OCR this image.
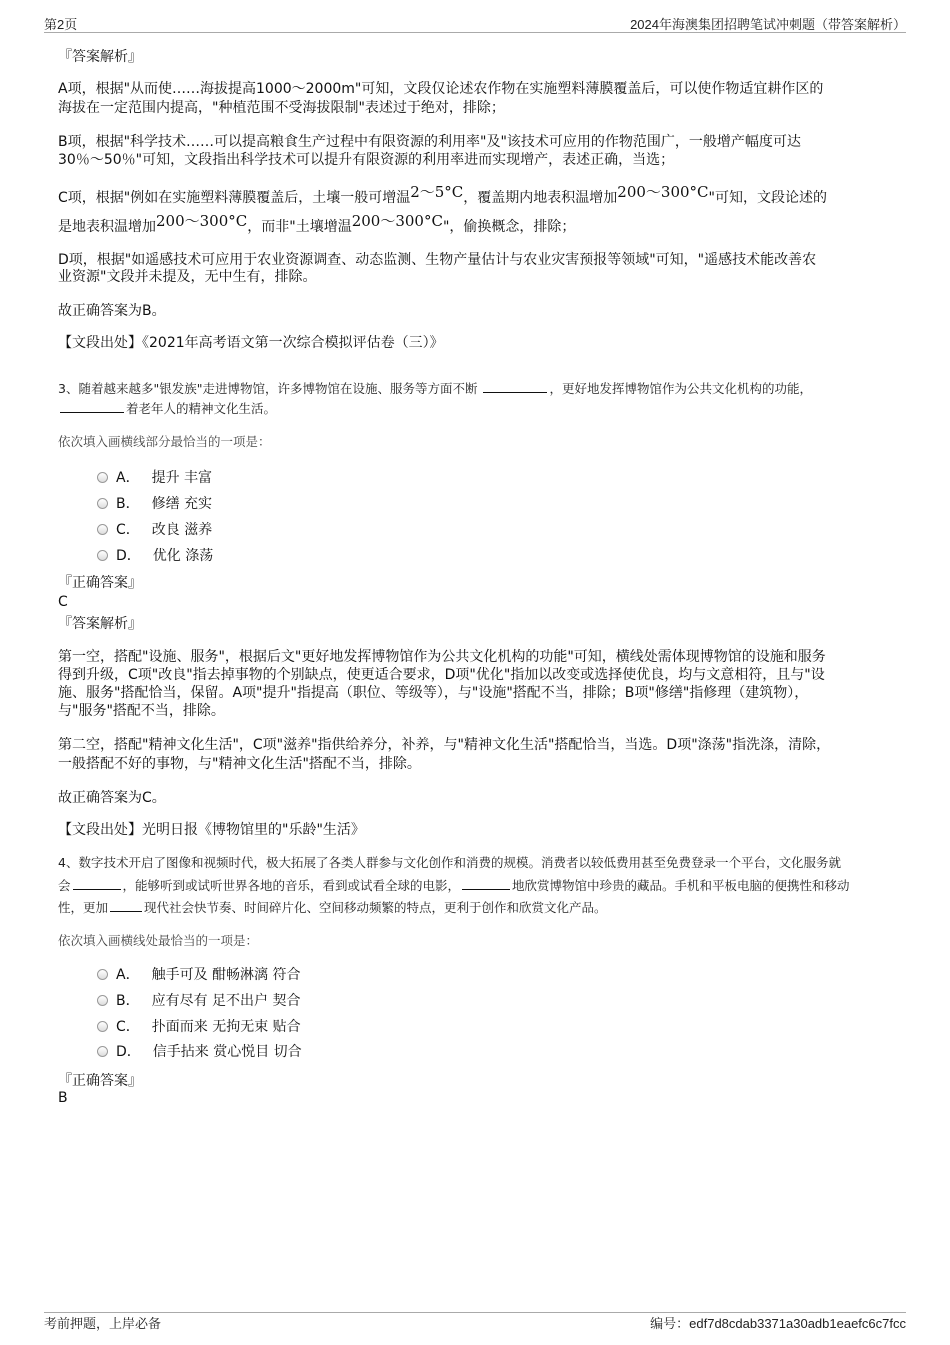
第2页	2024年海澳集团招聘笔试冲刺题（带答案解析）
『答案解析』
A项，根据"从而使……海拔提高1000～2000m"可知，文段仅论述农作物在实施塑料薄膜覆盖后，可以使作物适宜耕作区的
海拔在一定范围内提高，"种植范围不受海拔限制"表述过于绝对，排除；
B项，根据"科学技术……可以提高粮食生产过程中有限资源的利用率"及"该技术可应用的作物范围广，一般增产幅度可达
30％～50％"可知，文段指出科学技术可以提升有限资源的利用率进而实现增产，表述正确，当选；
C项，根据"例如在实施塑料薄膜覆盖后，土壤一般可增温2～5°C，覆盖期内地表积温增加200～300°C"可知，文段论述的
是地表积温增加200～300°C，而非"土壤增温200～300°C"，偷换概念，排除；
D项，根据"如遥感技术可应用于农业资源调查、动态监测、生物产量估计与农业灾害预报等领域"可知，"遥感技术能改善农
业资源"文段并未提及，无中生有，排除。
故正确答案为B。
【文段出处】《2021年高考语文第一次综合模拟评估卷（三）》
3、随着越来越多"银发族"走进博物馆，许多博物馆在设施、服务等方面不断	，更好地发挥博物馆作为公共文化机构的功能，
着老年人的精神文化生活。
依次填入画横线部分最恰当的一项是：
A． 提升 丰富
B． 修缮 充实
C． 改良 滋养
D． 优化 涤荡
『正确答案』
C
『答案解析』
第一空，搭配"设施、服务"，根据后文"更好地发挥博物馆作为公共文化机构的功能"可知，横线处需体现博物馆的设施和服务
得到升级，C项"改良"指去掉事物的个别缺点，使更适合要求，D项"优化"指加以改变或选择使优良，均与文意相符，且与"设
施、服务"搭配恰当，保留。A项"提升"指提高（职位、等级等），与"设施"搭配不当，排除；B项"修缮"指修理（建筑物），
与"服务"搭配不当，排除。
第二空，搭配"精神文化生活"，C项"滋养"指供给养分，补养，与"精神文化生活"搭配恰当，当选。D项"涤荡"指洗涤，清除，
一般搭配不好的事物，与"精神文化生活"搭配不当，排除。
故正确答案为C。
【文段出处】光明日报《博物馆里的"乐龄"生活》
4、数字技术开启了图像和视频时代，极大拓展了各类人群参与文化创作和消费的规模。消费者以较低费用甚至免费登录一个平台，文化服务就
会	，能够听到或试听世界各地的音乐，看到或试看全球的电影，	地欣赏博物馆中珍贵的藏品。手机和平板电脑的便携性和移动
性，更加	现代社会快节奏、时间碎片化、空间移动频繁的特点，更利于创作和欣赏文化产品。
依次填入画横线处最恰当的一项是：
A． 触手可及 酣畅淋漓 符合
B． 应有尽有 足不出户 契合
C． 扑面而来 无拘无束 贴合
D． 信手拈来 赏心悦目 切合
『正确答案』
B
考前押题，上岸必备	编号：edf7d8cdab3371a30adb1eaefc6c7fcc
